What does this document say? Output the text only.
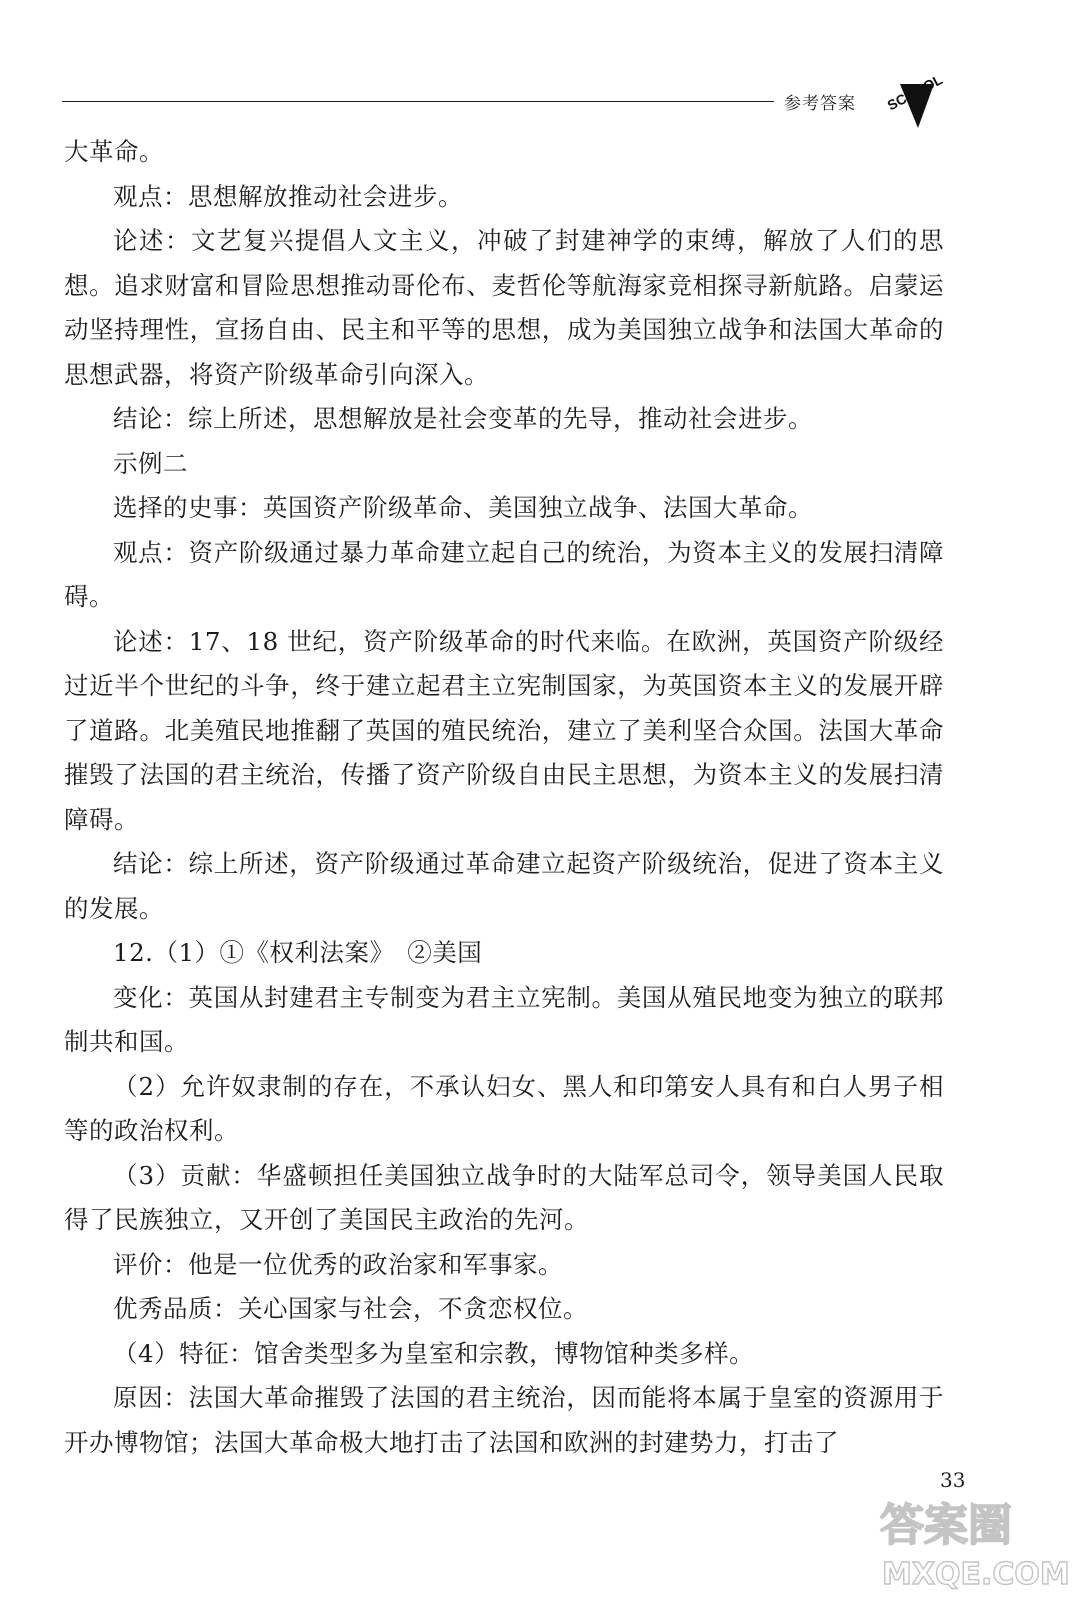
参考答案 SCHOOL

大革命。

观点：思想解放推动社会进步。

论述：文艺复兴提倡人文主义，冲破了封建神学的束缚，解放了人们的思想。追求财富和冒险思想推动哥伦布、麦哲伦等航海家竞相探寻新航路。启蒙运动坚持理性，宣扬自由、民主和平等的思想，成为美国独立战争和法国大革命的思想武器，将资产阶级革命引向深入。

结论：综上所述，思想解放是社会变革的先导，推动社会进步。

示例二

选择的史事：英国资产阶级革命、美国独立战争、法国大革命。

观点：资产阶级通过暴力革命建立起自己的统治，为资本主义的发展扫清障碍。

论述：17、18 世纪，资产阶级革命的时代来临。在欧洲，英国资产阶级经过近半个世纪的斗争，终于建立起君主立宪制国家，为英国资本主义的发展开辟了道路。北美殖民地推翻了英国的殖民统治，建立了美利坚合众国。法国大革命摧毁了法国的君主统治，传播了资产阶级自由民主思想，为资本主义的发展扫清障碍。

结论：综上所述，资产阶级通过革命建立起资产阶级统治，促进了资本主义的发展。

12.（1）①《权利法案》　②美国

变化：英国从封建君主专制变为君主立宪制。美国从殖民地变为独立的联邦制共和国。

（2）允许奴隶制的存在，不承认妇女、黑人和印第安人具有和白人男子相等的政治权利。

（3）贡献：华盛顿担任美国独立战争时的大陆军总司令，领导美国人民取得了民族独立，又开创了美国民主政治的先河。

评价：他是一位优秀的政治家和军事家。

优秀品质：关心国家与社会，不贪恋权位。

（4）特征：馆舍类型多为皇室和宗教，博物馆种类多样。

原因：法国大革命摧毁了法国的君主统治，因而能将本属于皇室的资源用于开办博物馆；法国大革命极大地打击了法国和欧洲的封建势力，打击了

33
答案圈
MXQE.COM
